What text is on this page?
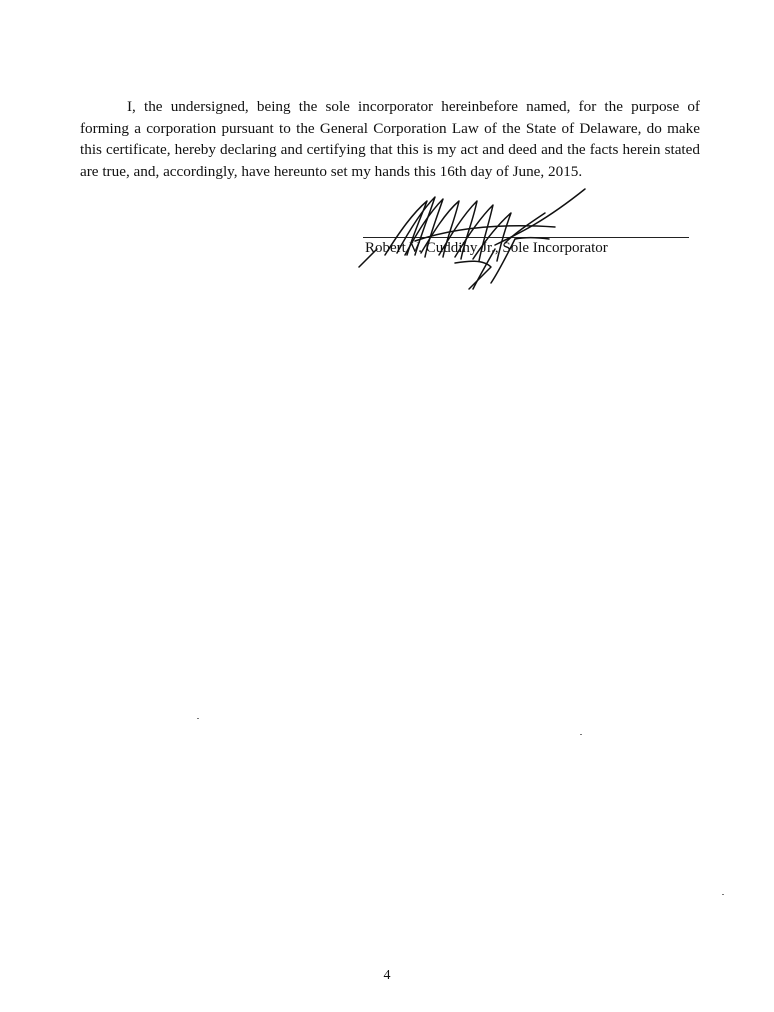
I, the undersigned, being the sole incorporator hereinbefore named, for the purpose of forming a corporation pursuant to the General Corporation Law of the State of Delaware, do make this certificate, hereby declaring and certifying that this is my act and deed and the facts herein stated are true, and, accordingly, have hereunto set my hands this 16th day of June, 2015.

Robert V. Cuddihy Jr., Sole Incorporator
4
